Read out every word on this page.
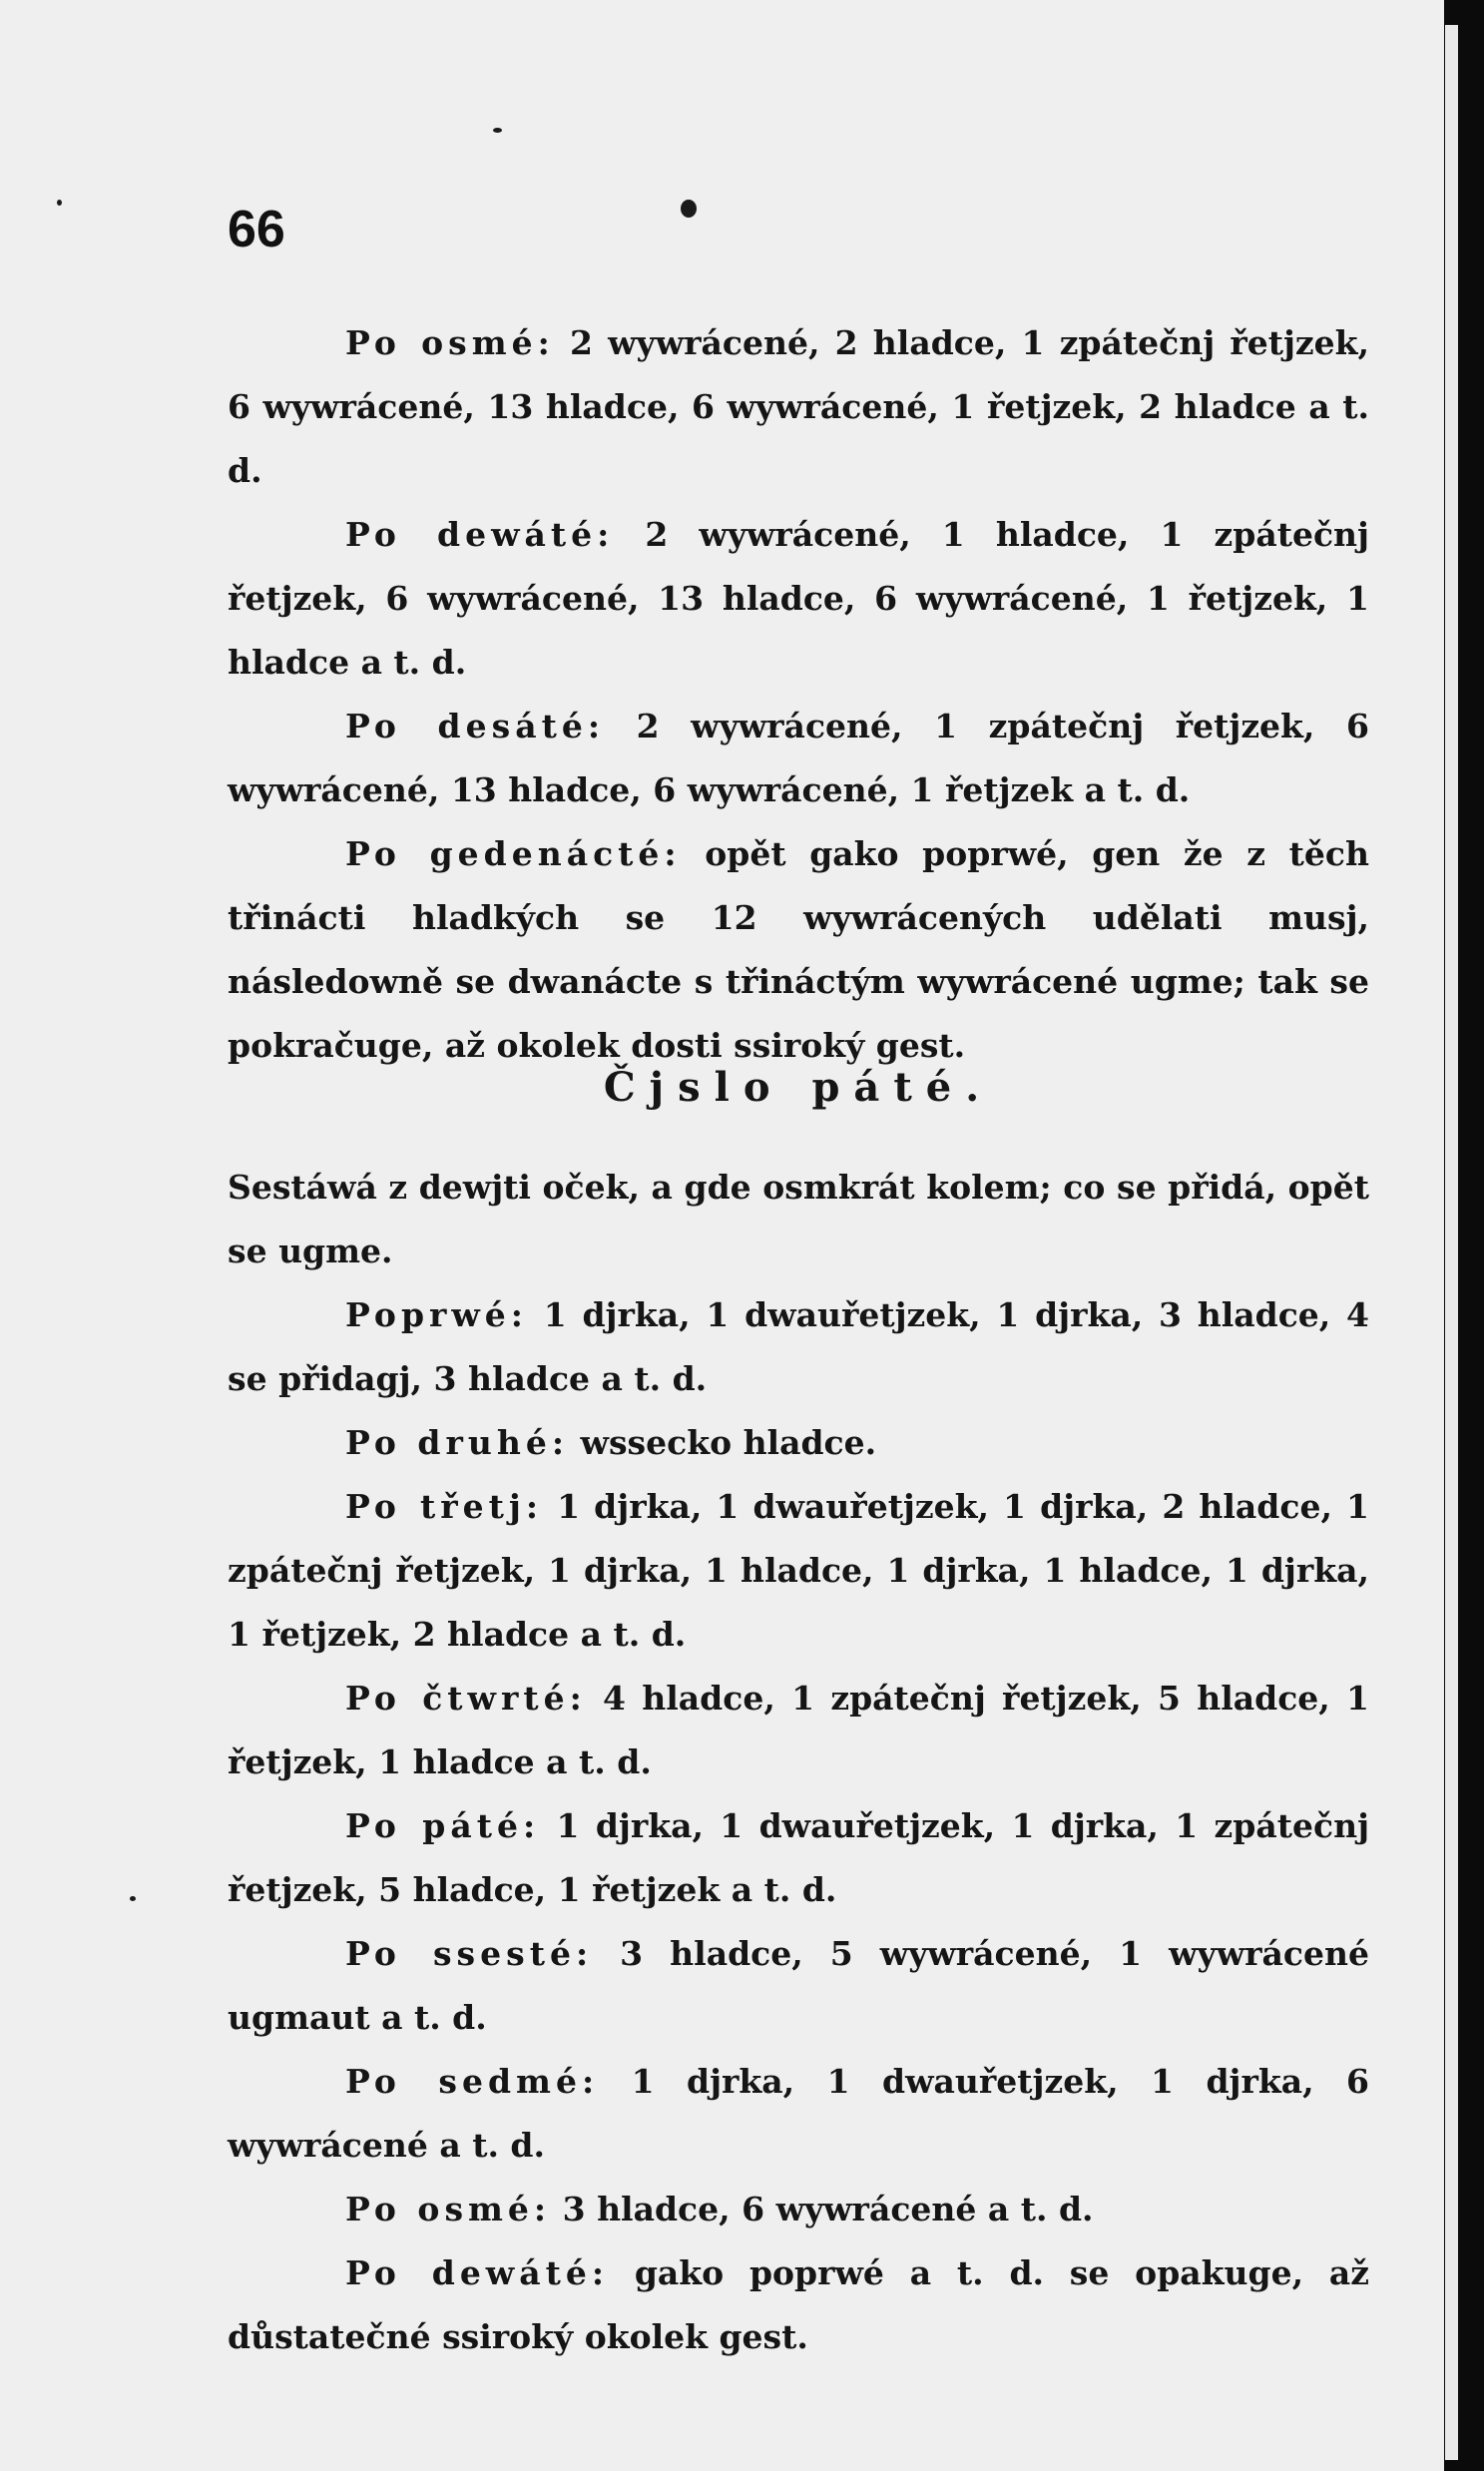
66

Po osmé: 2 wywrácené, 2 hladce, 1 zpátečnj řetjzek, 6 wywrácené, 13 hladce, 6 wywrácené, 1 řetjzek, 2 hladce a t. d.

Po dewáté: 2 wywrácené, 1 hladce, 1 zpátečnj řetjzek, 6 wywrácené, 13 hladce, 6 wywrácené, 1 řetjzek, 1 hladce a t. d.

Po desáté: 2 wywrácené, 1 zpátečnj řetjzek, 6 wywrácené, 13 hladce, 6 wywrácené, 1 řetjzek a t. d.

Po gedenácté: opět gako poprwé, gen že z těch třinácti hladkých se 12 wywrácených udělati musj, následowně se dwanácte s třináctým wywrácené ugme; tak se pokračuge, až okolek dosti ssiroký gest.

Čjslo páté.

Sestáwá z dewjti oček, a gde osmkrát kolem; co se přidá, opět se ugme.

Poprwé: 1 djrka, 1 dwauřetjzek, 1 djrka, 3 hladce, 4 se přidagj, 3 hladce a t. d.

Po druhé: wssecko hladce.

Po třetj: 1 djrka, 1 dwauřetjzek, 1 djrka, 2 hladce, 1 zpátečnj řetjzek, 1 djrka, 1 hladce, 1 djrka, 1 hladce, 1 djrka, 1 řetjzek, 2 hladce a t. d.

Po čtwrté: 4 hladce, 1 zpátečnj řetjzek, 5 hladce, 1 řetjzek, 1 hladce a t. d.

Po páté: 1 djrka, 1 dwauřetjzek, 1 djrka, 1 zpátečnj řetjzek, 5 hladce, 1 řetjzek a t. d.

Po ssesté: 3 hladce, 5 wywrácené, 1 wywrácené ugmaut a t. d.

Po sedmé: 1 djrka, 1 dwauřetjzek, 1 djrka, 6 wywrácené a t. d.

Po osmé: 3 hladce, 6 wywrácené a t. d.

Po dewáté: gako poprwé a t. d. se opakuge, až důstatečné ssiroký okolek gest.
